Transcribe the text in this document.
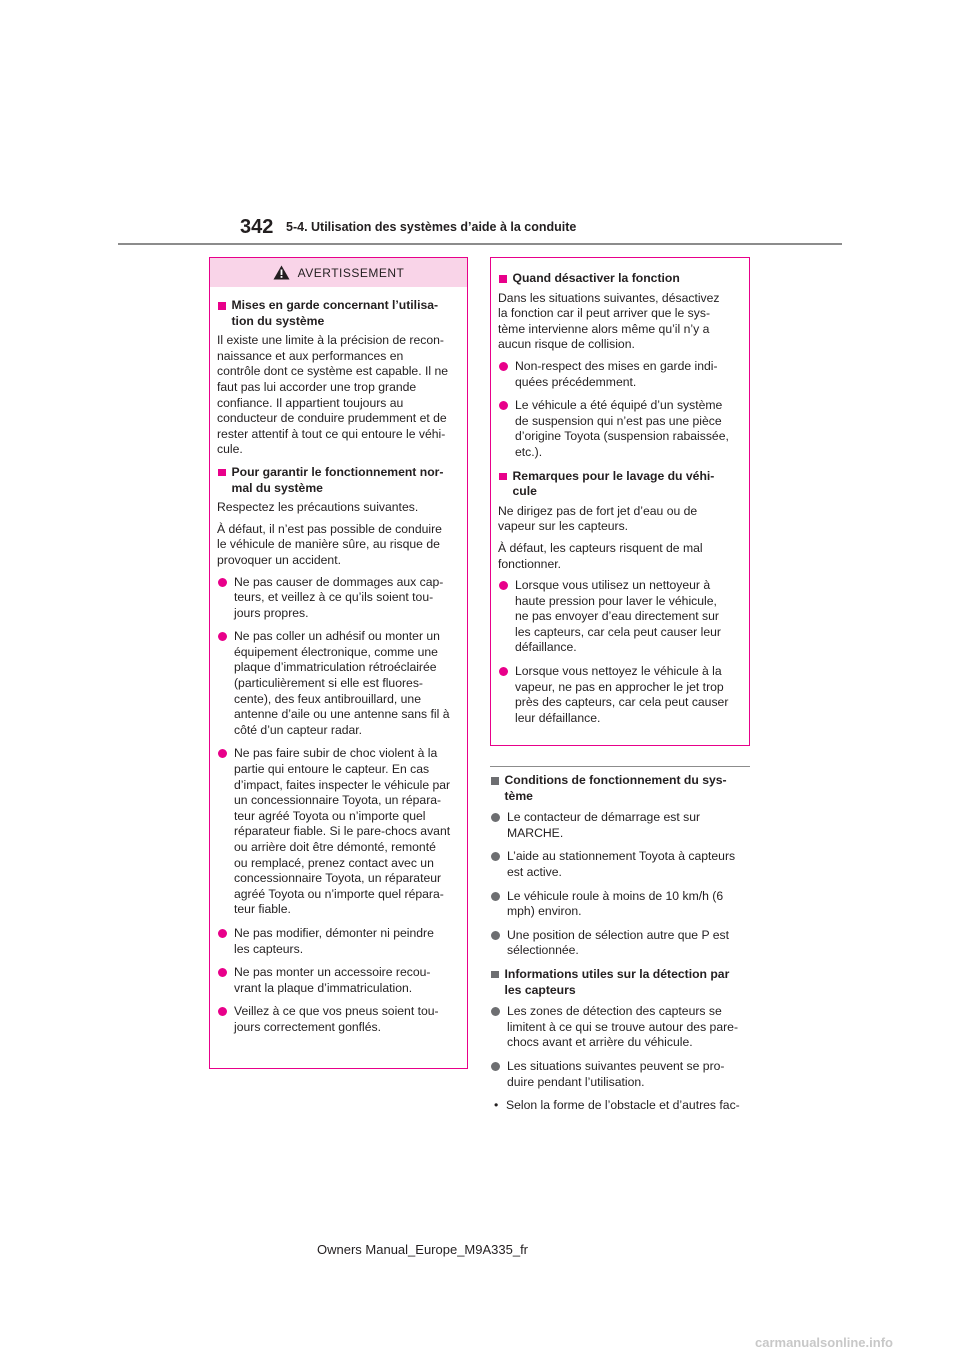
342 5-4. Utilisation des systèmes d’aide à la conduite
AVERTISSEMENT
Mises en garde concernant l’utilisa-
tion du système
Il existe une limite à la précision de recon-
naissance et aux performances en
contrôle dont ce système est capable. Il ne
faut pas lui accorder une trop grande
confiance. Il appartient toujours au
conducteur de conduire prudemment et de
rester attentif à tout ce qui entoure le véhi-
cule.
Pour garantir le fonctionnement nor-
mal du système
Respectez les précautions suivantes.
À défaut, il n’est pas possible de conduire
le véhicule de manière sûre, au risque de
provoquer un accident.
Ne pas causer de dommages aux cap-
teurs, et veillez à ce qu’ils soient tou-
jours propres.
Ne pas coller un adhésif ou monter un
équipement électronique, comme une
plaque d’immatriculation rétroéclairée
(particulièrement si elle est fluores-
cente), des feux antibrouillard, une
antenne d’aile ou une antenne sans fil à
côté d’un capteur radar.
Ne pas faire subir de choc violent à la
partie qui entoure le capteur. En cas
d’impact, faites inspecter le véhicule par
un concessionnaire Toyota, un répara-
teur agréé Toyota ou n’importe quel
réparateur fiable. Si le pare-chocs avant
ou arrière doit être démonté, remonté
ou remplacé, prenez contact avec un
concessionnaire Toyota, un réparateur
agréé Toyota ou n’importe quel répara-
teur fiable.
Ne pas modifier, démonter ni peindre
les capteurs.
Ne pas monter un accessoire recou-
vrant la plaque d’immatriculation.
Veillez à ce que vos pneus soient tou-
jours correctement gonflés.
Quand désactiver la fonction
Dans les situations suivantes, désactivez
la fonction car il peut arriver que le sys-
tème intervienne alors même qu’il n’y a
aucun risque de collision.
Non-respect des mises en garde indi-
quées précédemment.
Le véhicule a été équipé d’un système
de suspension qui n’est pas une pièce
d’origine Toyota (suspension rabaissée,
etc.).
Remarques pour le lavage du véhi-
cule
Ne dirigez pas de fort jet d’eau ou de
vapeur sur les capteurs.
À défaut, les capteurs risquent de mal
fonctionner.
Lorsque vous utilisez un nettoyeur à
haute pression pour laver le véhicule,
ne pas envoyer d’eau directement sur
les capteurs, car cela peut causer leur
défaillance.
Lorsque vous nettoyez le véhicule à la
vapeur, ne pas en approcher le jet trop
près des capteurs, car cela peut causer
leur défaillance.
Conditions de fonctionnement du sys-
tème
Le contacteur de démarrage est sur
MARCHE.
L’aide au stationnement Toyota à capteurs
est active.
Le véhicule roule à moins de 10 km/h (6
mph) environ.
Une position de sélection autre que P est
sélectionnée.
Informations utiles sur la détection par
les capteurs
Les zones de détection des capteurs se
limitent à ce qui se trouve autour des pare-
chocs avant et arrière du véhicule.
Les situations suivantes peuvent se pro-
duire pendant l’utilisation.
• Selon la forme de l’obstacle et d’autres fac-
Owners Manual_Europe_M9A335_fr
carmanualsonline.info
